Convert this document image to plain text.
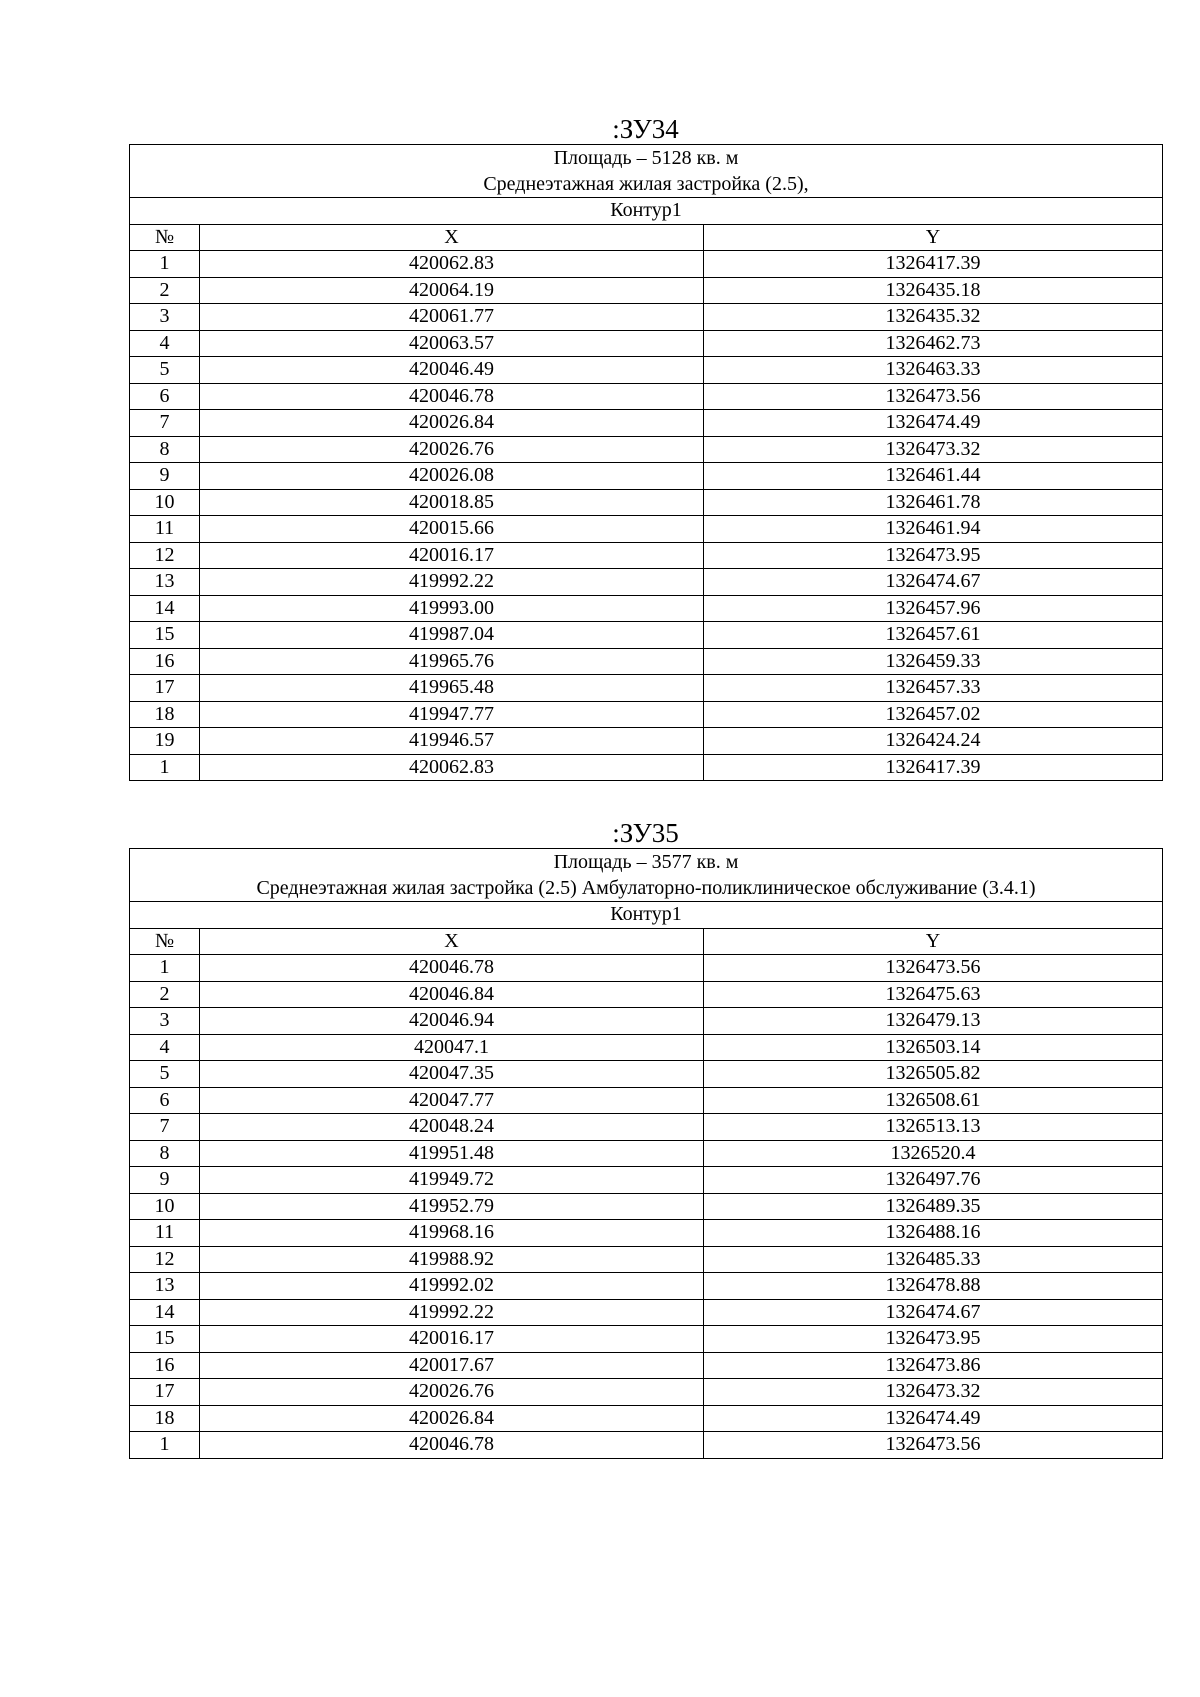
:ЗУ34
Площадь – 5128 кв. м
Среднеэтажная жилая застройка (2.5),		

Контур1		
№	X	Y
1	420062.83	1326417.39
2	420064.19	1326435.18
3	420061.77	1326435.32
4	420063.57	1326462.73
5	420046.49	1326463.33
6	420046.78	1326473.56
7	420026.84	1326474.49
8	420026.76	1326473.32
9	420026.08	1326461.44
10	420018.85	1326461.78
11	420015.66	1326461.94
12	420016.17	1326473.95
13	419992.22	1326474.67
14	419993.00	1326457.96
15	419987.04	1326457.61
16	419965.76	1326459.33
17	419965.48	1326457.33
18	419947.77	1326457.02
19	419946.57	1326424.24
1	420062.83	1326417.39
:ЗУ35
Площадь – 3577 кв. м
Среднеэтажная жилая застройка (2.5) Амбулаторно-поликлиническое обслуживание (3.4.1)		

Контур1		
№	X	Y
1	420046.78	1326473.56
2	420046.84	1326475.63
3	420046.94	1326479.13
4	420047.1	1326503.14
5	420047.35	1326505.82
6	420047.77	1326508.61
7	420048.24	1326513.13
8	419951.48	1326520.4
9	419949.72	1326497.76
10	419952.79	1326489.35
11	419968.16	1326488.16
12	419988.92	1326485.33
13	419992.02	1326478.88
14	419992.22	1326474.67
15	420016.17	1326473.95
16	420017.67	1326473.86
17	420026.76	1326473.32
18	420026.84	1326474.49
1	420046.78	1326473.56
